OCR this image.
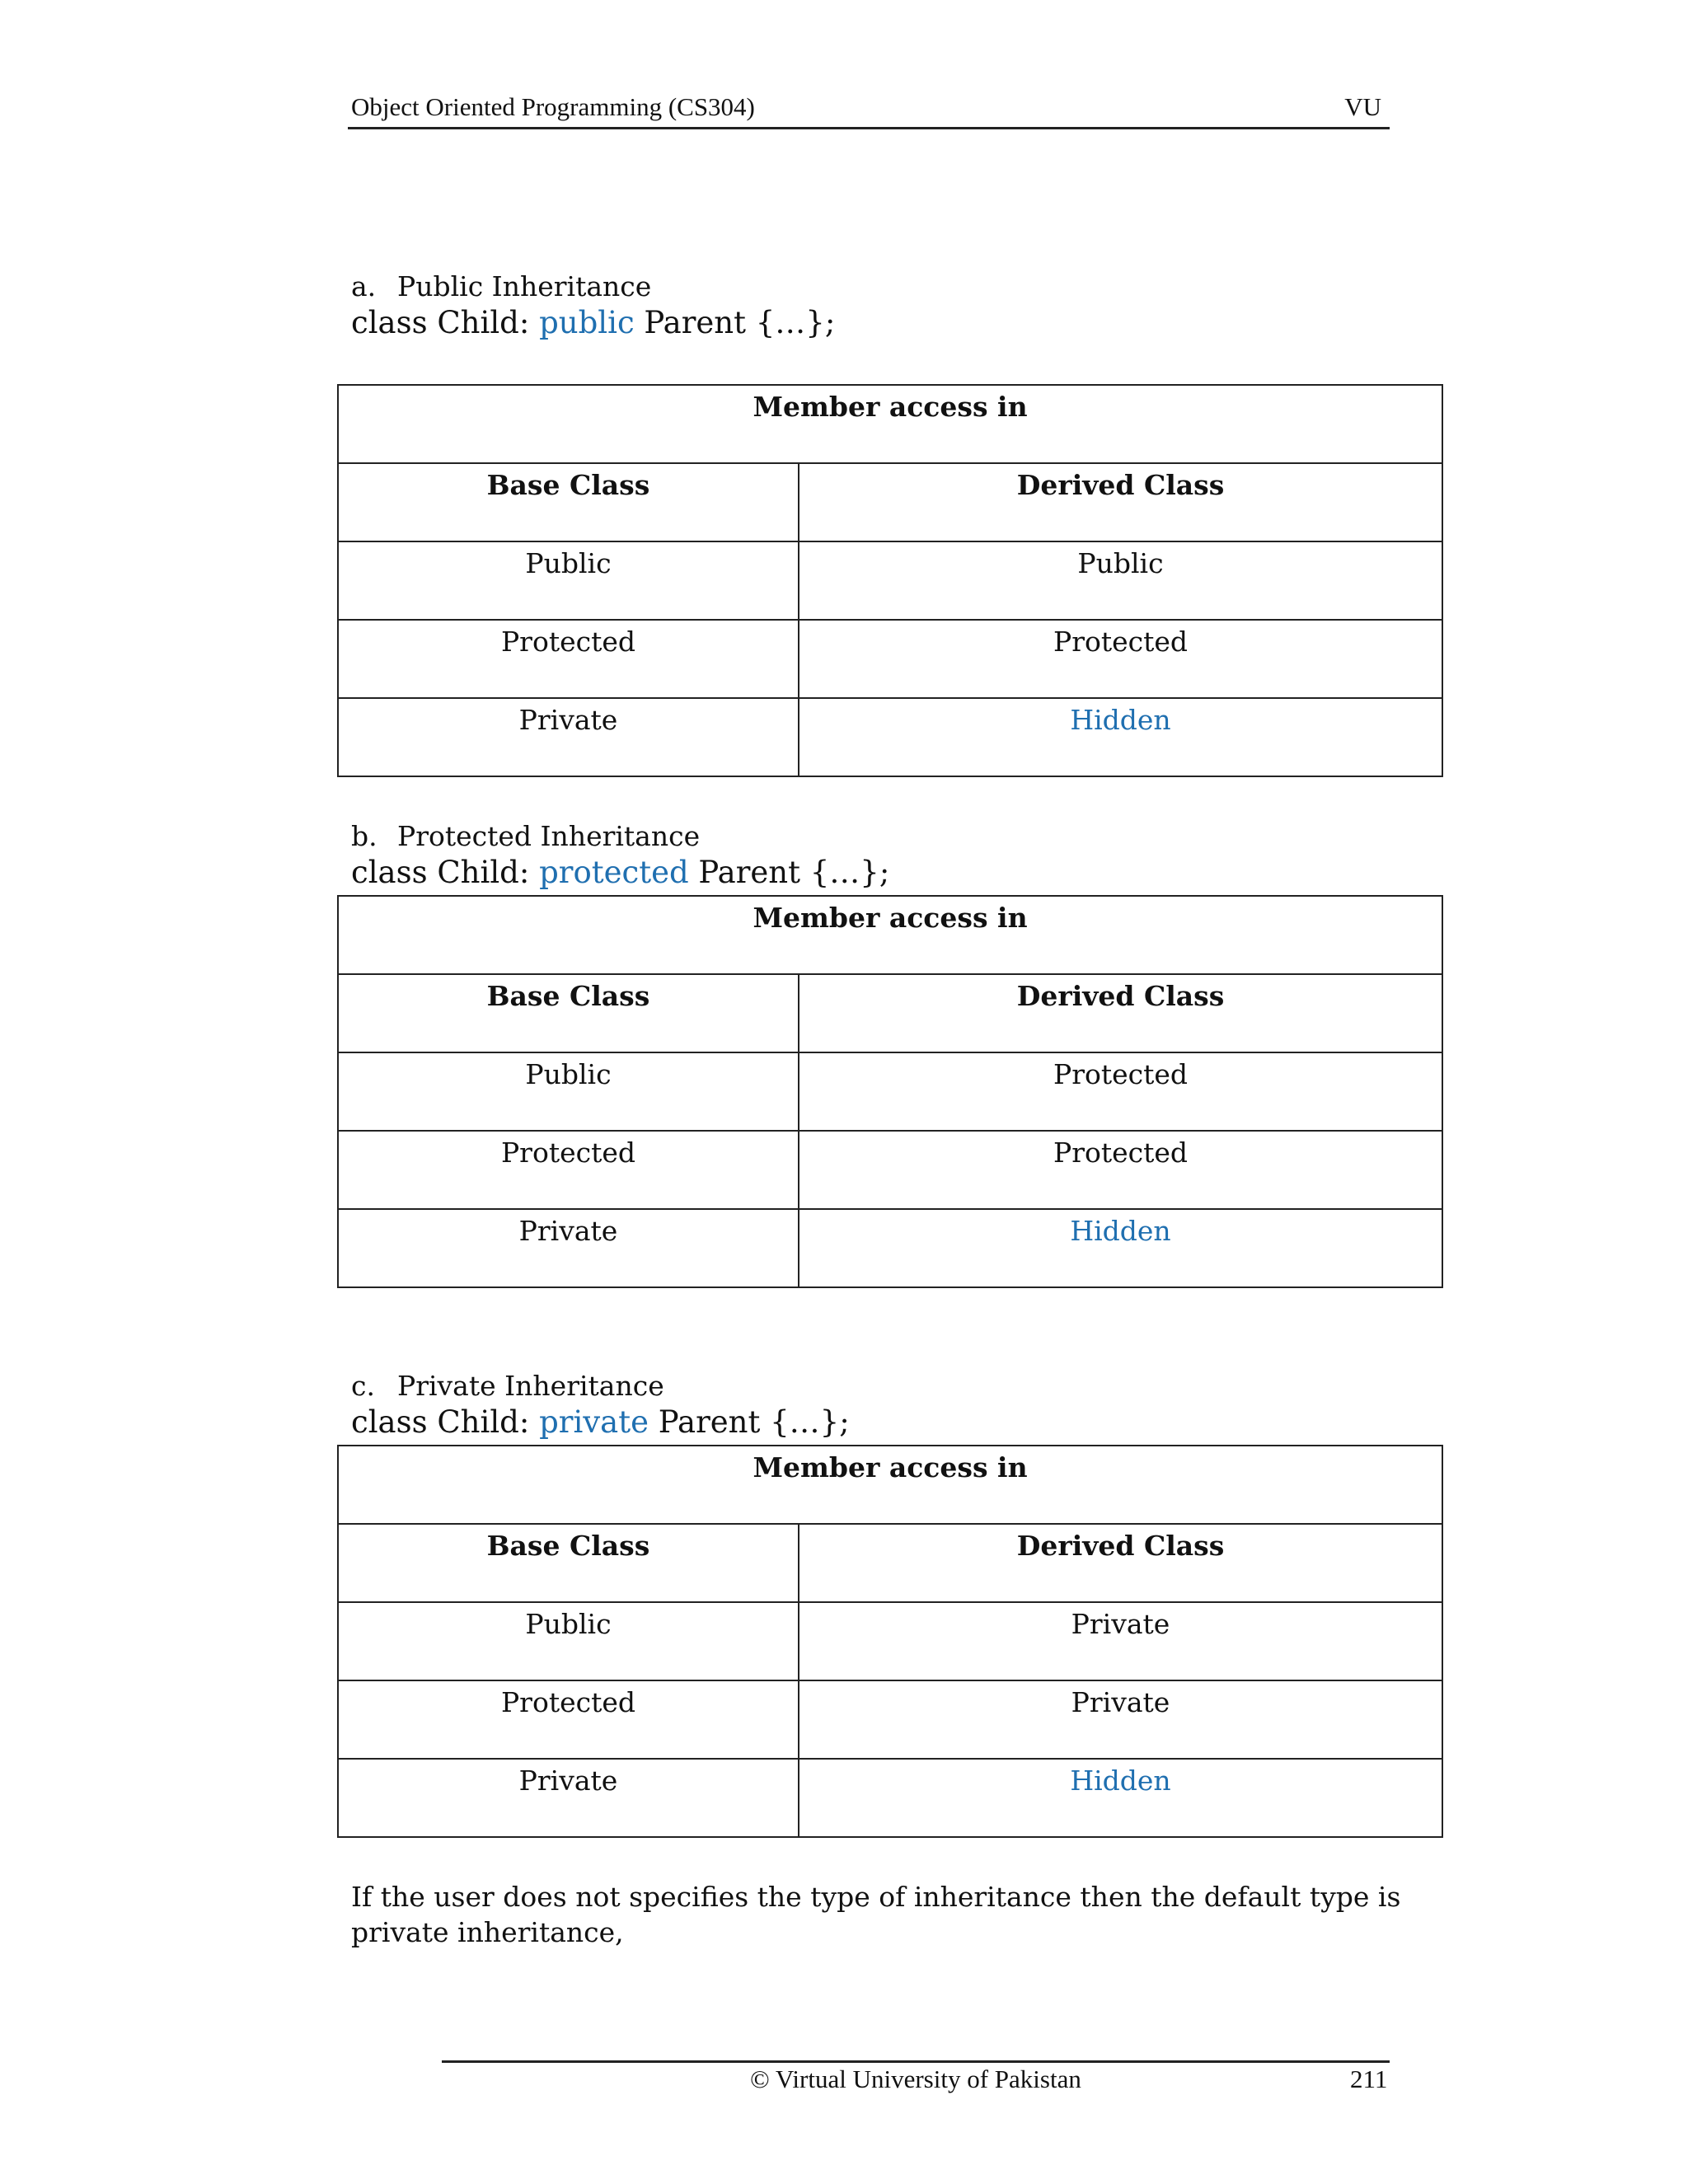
Object Oriented Programming (CS304)	VU
a. Public Inheritance
class Child: public Parent {…};
Member access in	

Base Class	Derived Class

Public	Public

Protected	Protected

Private	Hidden
b. Protected Inheritance
class Child: protected Parent {…};
Member access in	

Base Class	Derived Class

Public	Protected

Protected	Protected

Private	Hidden
c. Private Inheritance
class Child: private Parent {…};
Member access in	

Base Class	Derived Class

Public	Private

Protected	Private

Private	Hidden
If the user does not specifies the type of inheritance then the default type is private inheritance,
© Virtual University of Pakistan	211
